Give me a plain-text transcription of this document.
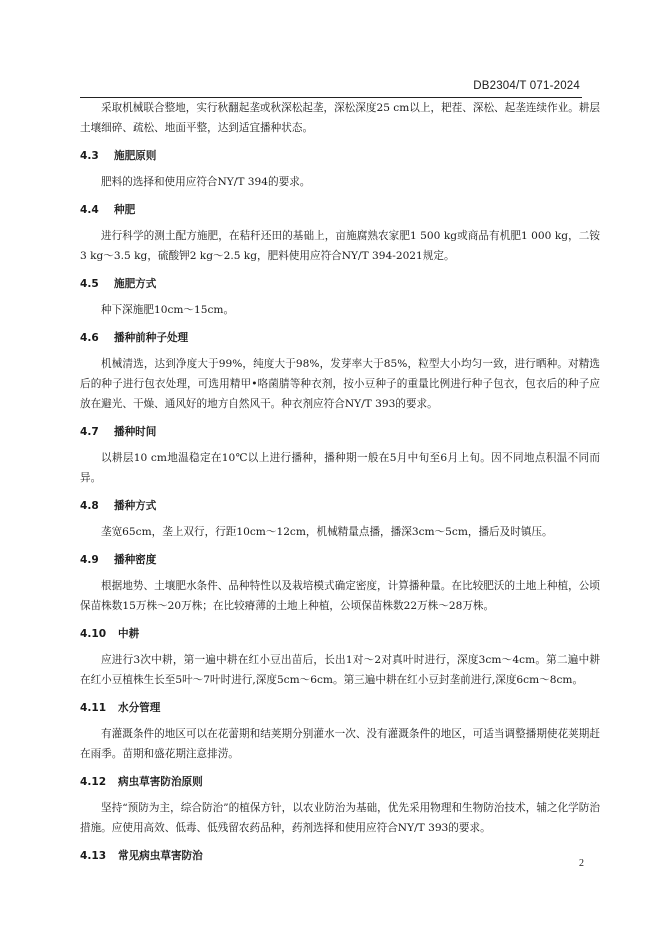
DB2304/T 071-2024

采取机械联合整地，实行秋翻起垄或秋深松起垄，深松深度25 cm以上，耙茬、深松、起垄连续作业。耕层土壤细碎、疏松、地面平整，达到适宜播种状态。

4.3	施肥原则

肥料的选择和使用应符合NY/T 394的要求。

4.4	种肥

进行科学的测土配方施肥，在秸秆还田的基础上，亩施腐熟农家肥1 500 kg或商品有机肥1 000 kg，二铵3 kg～3.5 kg，硫酸钾2 kg～2.5 kg，肥料使用应符合NY/T 394-2021规定。

4.5	施肥方式

种下深施肥10cm～15cm。

4.6	播种前种子处理

机械清选，达到净度大于99%，纯度大于98%，发芽率大于85%，粒型大小均匀一致，进行晒种。对精选后的种子进行包衣处理，可选用精甲•咯菌腈等种衣剂，按小豆种子的重量比例进行种子包衣，包衣后的种子应放在避光、干燥、通风好的地方自然风干。种衣剂应符合NY/T 393的要求。

4.7	播种时间

以耕层10 cm地温稳定在10℃以上进行播种，播种期一般在5月中旬至6月上旬。因不同地点积温不同而异。

4.8	播种方式

垄宽65cm，垄上双行，行距10cm～12cm，机械精量点播，播深3cm～5cm，播后及时镇压。

4.9	播种密度

根据地势、土壤肥水条件、品种特性以及栽培模式确定密度，计算播种量。在比较肥沃的土地上种植，公顷保苗株数15万株～20万株；在比较瘠薄的土地上种植，公顷保苗株数22万株～28万株。

4.10	中耕

应进行3次中耕，第一遍中耕在红小豆出苗后，长出1对～2对真叶时进行，深度3cm～4cm。第二遍中耕在红小豆植株生长至5叶～7叶时进行,深度5cm～6cm。第三遍中耕在红小豆封垄前进行,深度6cm～8cm。

4.11	水分管理

有灌溉条件的地区可以在花蕾期和结荚期分别灌水一次、没有灌溉条件的地区，可适当调整播期使花荚期赶在雨季。苗期和盛花期注意排涝。

4.12	病虫草害防治原则

坚持“预防为主，综合防治”的植保方针，以农业防治为基础，优先采用物理和生物防治技术，辅之化学防治措施。应使用高效、低毒、低残留农药品种，药剂选择和使用应符合NY/T 393的要求。

4.13	常见病虫草害防治
2
